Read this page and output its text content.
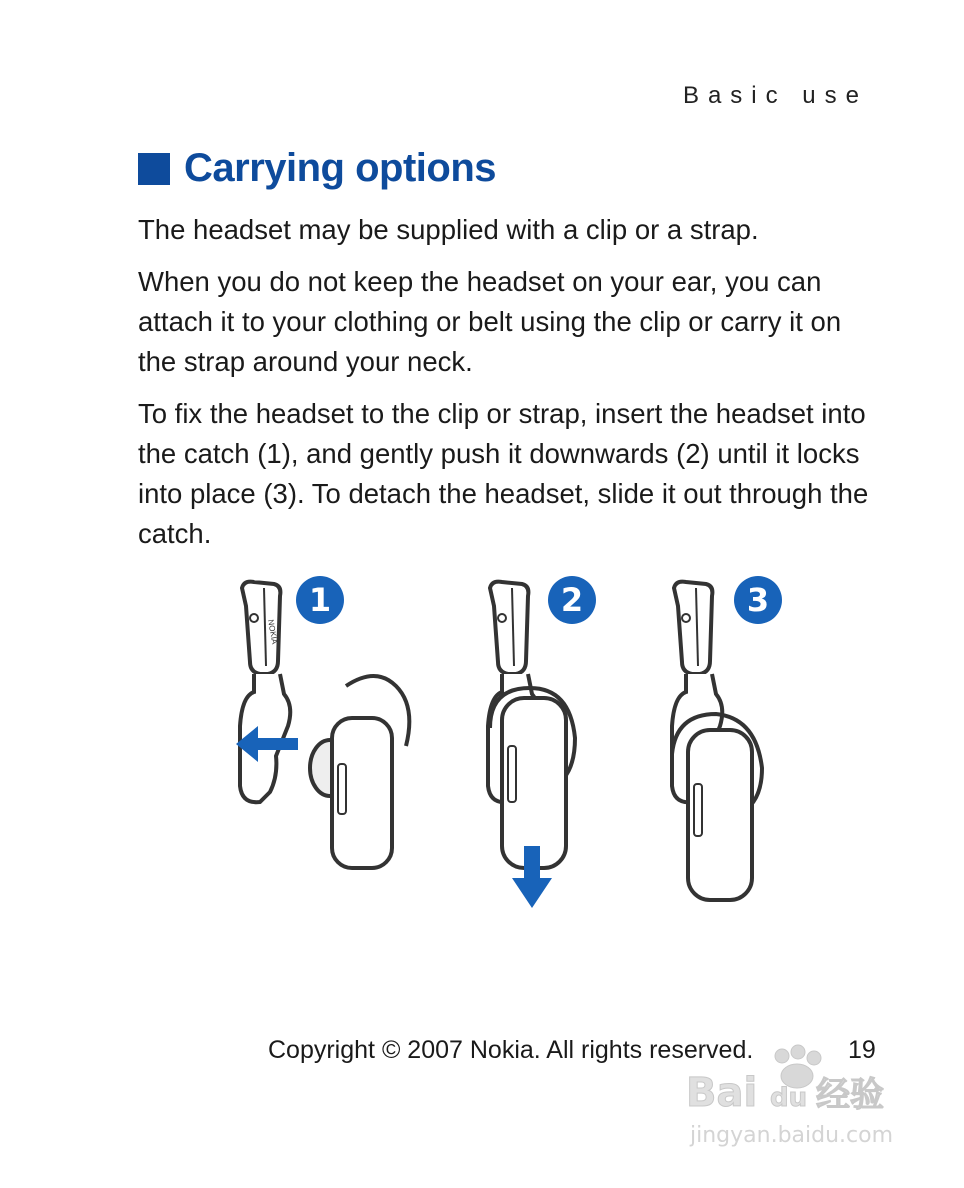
Basic use
Carrying options

The headset may be supplied with a clip or a strap.

When you do not keep the headset on your ear, you can attach it to your clothing or belt using the clip or carry it on the strap around your neck.

To fix the headset to the clip or strap, insert the headset into the catch (1), and gently push it downwards (2) until it locks into place (3). To detach the headset, slide it out through the catch.

NOKIA
1	2	3
Copyright © 2007 Nokia. All rights reserved.	19
Bai du 经验
jingyan.baidu.com
